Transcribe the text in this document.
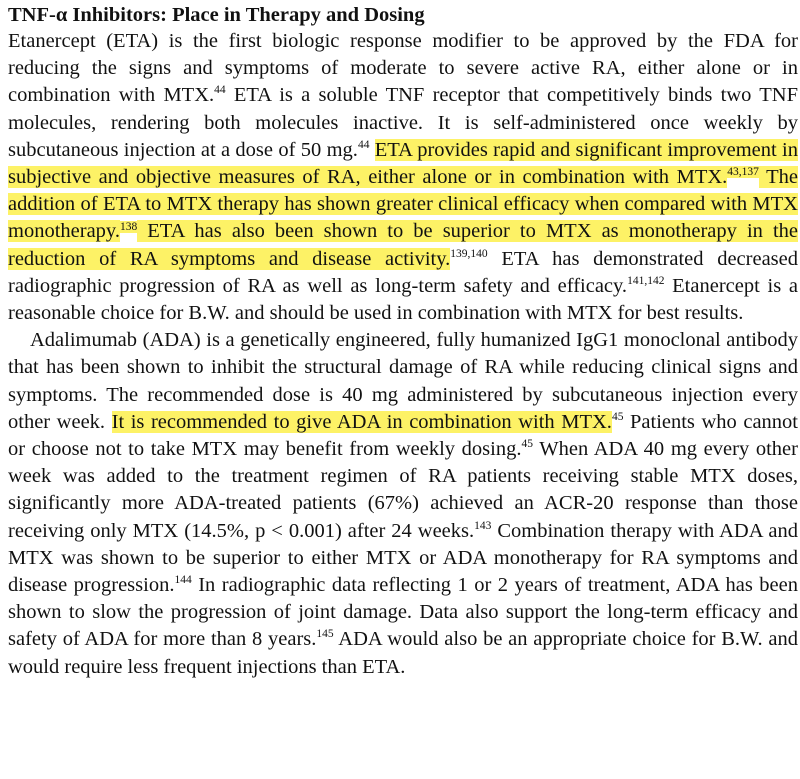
TNF-α Inhibitors: Place in Therapy and Dosing

Etanercept (ETA) is the first biologic response modifier to be approved by the FDA for reducing the signs and symptoms of moderate to severe active RA, either alone or in combination with MTX.$^{44}$ ETA is a soluble TNF receptor that competitively binds two TNF molecules, rendering both molecules inactive. It is self-administered once weekly by subcutaneous injection at a dose of 50 mg.$^{44}$ ETA provides rapid and significant improvement in subjective and objective measures of RA, either alone or in combination with MTX.$^{43,137}$ The addition of ETA to MTX therapy has shown greater clinical efficacy when compared with MTX monotherapy.$^{138}$ ETA has also been shown to be superior to MTX as monotherapy in the reduction of RA symptoms and disease activity.$^{139,140}$ ETA has demonstrated decreased radiographic progression of RA as well as long-term safety and efficacy.$^{141,142}$ Etanercept is a reasonable choice for B.W. and should be used in combination with MTX for best results.

Adalimumab (ADA) is a genetically engineered, fully humanized IgG1 monoclonal antibody that has been shown to inhibit the structural damage of RA while reducing clinical signs and symptoms. The recommended dose is 40 mg administered by subcutaneous injection every other week. It is recommended to give ADA in combination with MTX.$^{45}$ Patients who cannot or choose not to take MTX may benefit from weekly dosing.$^{45}$ When ADA 40 mg every other week was added to the treatment regimen of RA patients receiving stable MTX doses, significantly more ADA-treated patients (67%) achieved an ACR-20 response than those receiving only MTX (14.5%, p < 0.001) after 24 weeks.$^{143}$ Combination therapy with ADA and MTX was shown to be superior to either MTX or ADA monotherapy for RA symptoms and disease progression.$^{144}$ In radiographic data reflecting 1 or 2 years of treatment, ADA has been shown to slow the progression of joint damage. Data also support the long-term efficacy and safety of ADA for more than 8 years.$^{145}$ ADA would also be an appropriate choice for B.W. and would require less frequent injections than ETA.
